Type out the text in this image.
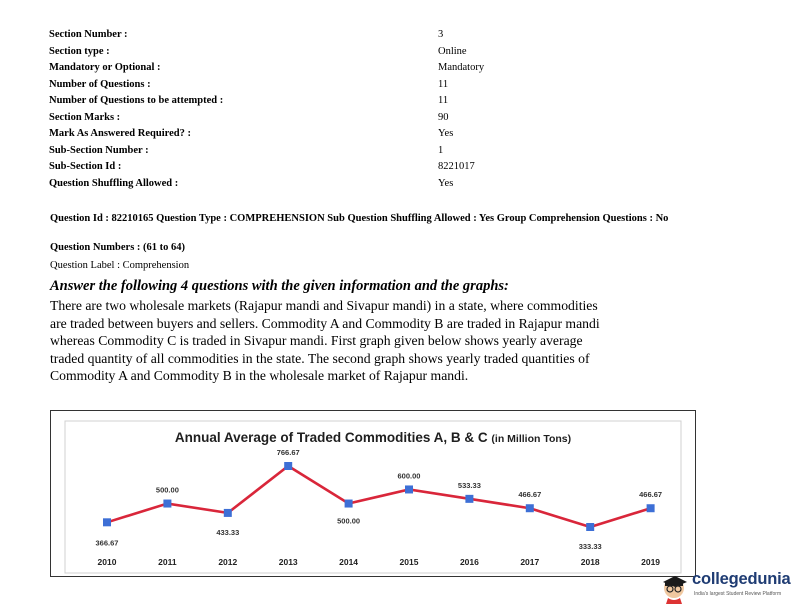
Section Number :	3
Section type :	Online
Mandatory or Optional :	Mandatory
Number of Questions :	11
Number of Questions to be attempted :	11
Section Marks :	90
Mark As Answered Required? :	Yes
Sub-Section Number :	1
Sub-Section Id :	8221017
Question Shuffling Allowed :	Yes
Question Id : 82210165 Question Type : COMPREHENSION Sub Question Shuffling Allowed : Yes Group Comprehension Questions : No
Question Numbers : (61 to 64)
Question Label : Comprehension
Answer the following 4 questions with the given information and the graphs:
There are two wholesale markets (Rajapur mandi and Sivapur mandi) in a state, where commodities
are traded between buyers and sellers. Commodity A and Commodity B are traded in Rajapur mandi
whereas Commodity C is traded in Sivapur mandi. First graph given below shows yearly average
traded quantity of all commodities in the state. The second graph shows yearly traded quantities of
Commodity A and Commodity B in the wholesale market of Rajapur mandi.
Annual Average of Traded Commodities A, B & C (in Million Tons)
366.67
2010
500.00
2011
433.33
2012
766.67
2013
500.00
2014
600.00
2015
533.33
2016
466.67
2017
333.33
2018
466.67
2019
collegedunia
India's largest Student Review Platform
